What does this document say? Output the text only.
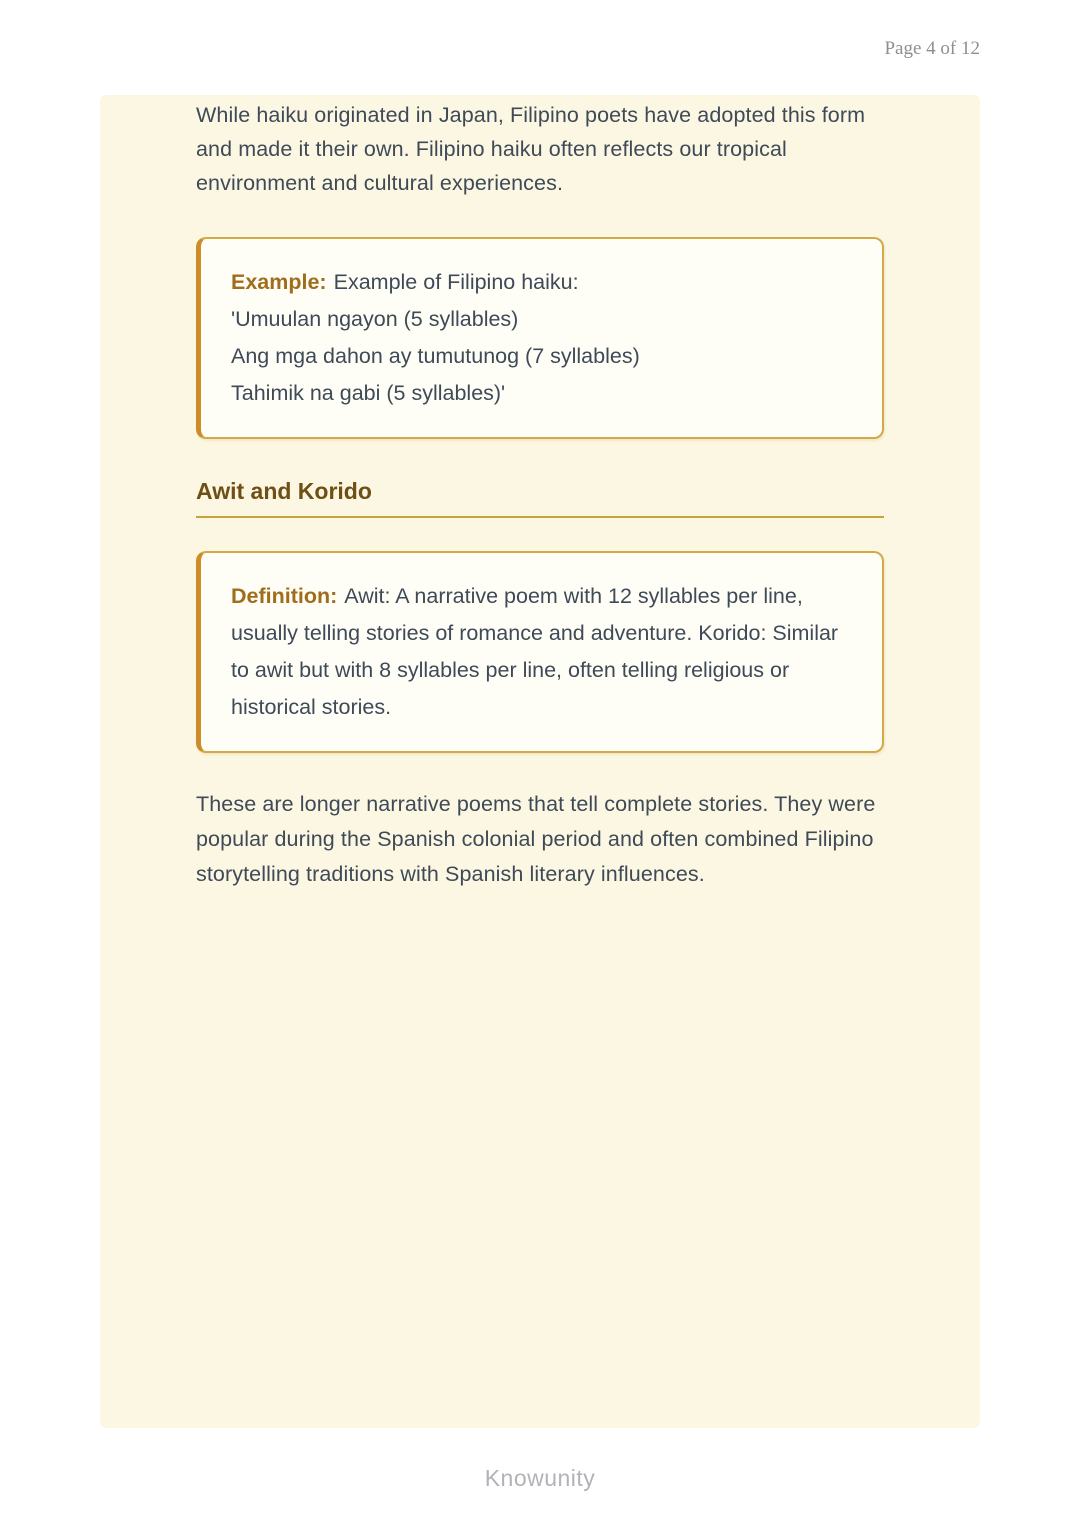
Page 4 of 12

While haiku originated in Japan, Filipino poets have adopted this form and made it their own. Filipino haiku often reflects our tropical environment and cultural experiences.

Example: Example of Filipino haiku:
'Umuulan ngayon (5 syllables)
Ang mga dahon ay tumutunog (7 syllables)
Tahimik na gabi (5 syllables)'
Awit and Korido
Definition: Awit: A narrative poem with 12 syllables per line, usually telling stories of romance and adventure. Korido: Similar to awit but with 8 syllables per line, often telling religious or historical stories.

These are longer narrative poems that tell complete stories. They were popular during the Spanish colonial period and often combined Filipino storytelling traditions with Spanish literary influences.

Knowunity
